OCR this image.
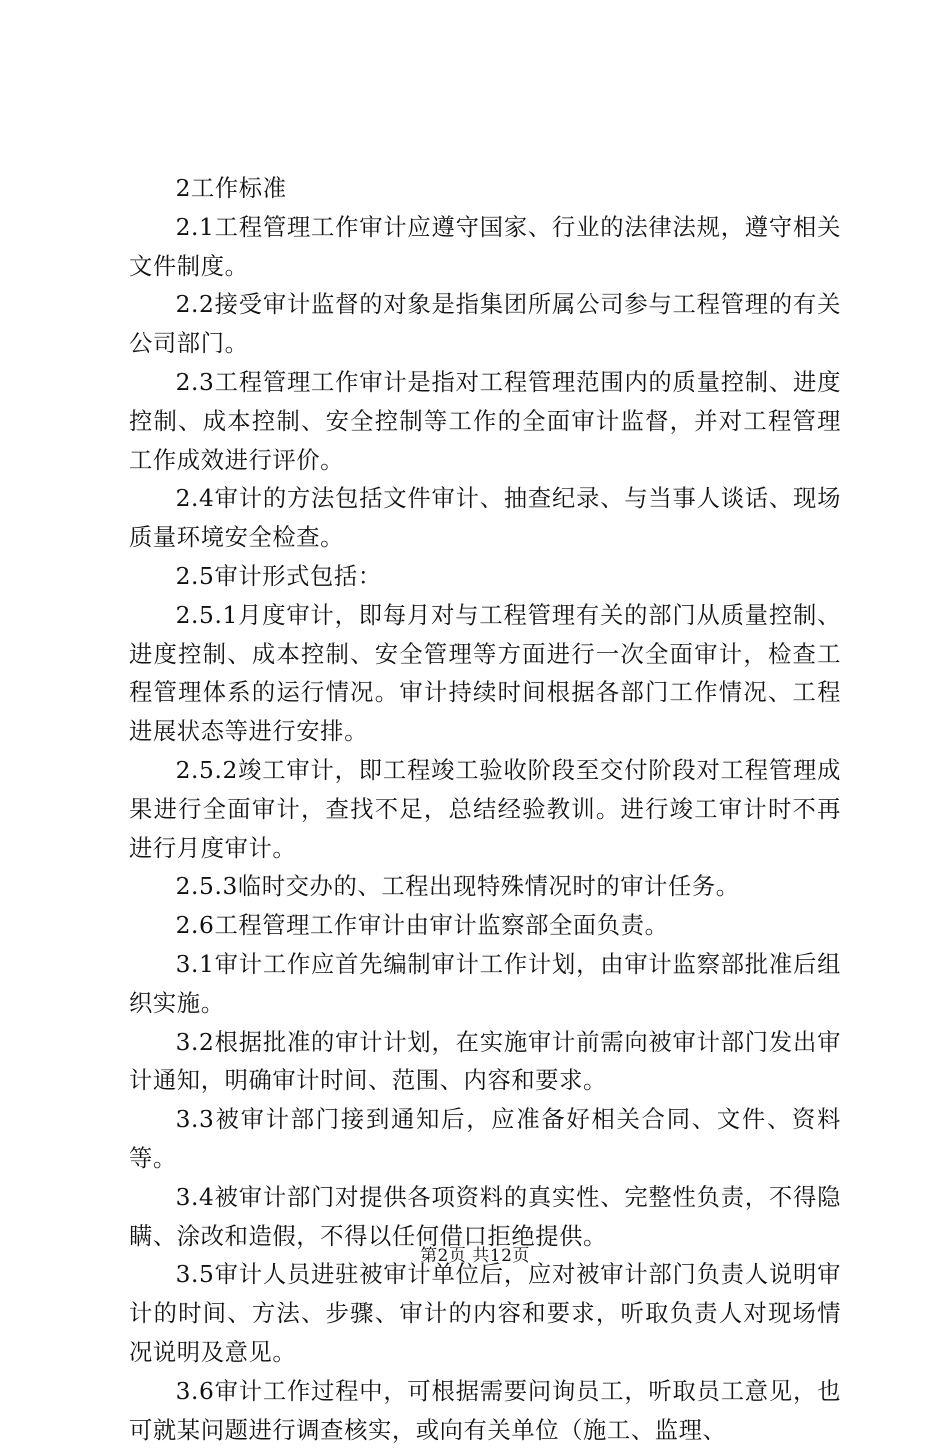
2工作标准

2.1工程管理工作审计应遵守国家、行业的法律法规，遵守相关文件制度。

2.2接受审计监督的对象是指集团所属公司参与工程管理的有关公司部门。

2.3工程管理工作审计是指对工程管理范围内的质量控制、进度控制、成本控制、安全控制等工作的全面审计监督，并对工程管理工作成效进行评价。

2.4审计的方法包括文件审计、抽查纪录、与当事人谈话、现场质量环境安全检查。

2.5审计形式包括：

2.5.1月度审计，即每月对与工程管理有关的部门从质量控制、进度控制、成本控制、安全管理等方面进行一次全面审计，检查工程管理体系的运行情况。审计持续时间根据各部门工作情况、工程进展状态等进行安排。

2.5.2竣工审计，即工程竣工验收阶段至交付阶段对工程管理成果进行全面审计，查找不足，总结经验教训。进行竣工审计时不再进行月度审计。

2.5.3临时交办的、工程出现特殊情况时的审计任务。

2.6工程管理工作审计由审计监察部全面负责。

3.1审计工作应首先编制审计工作计划，由审计监察部批准后组织实施。

3.2根据批准的审计计划，在实施审计前需向被审计部门发出审计通知，明确审计时间、范围、内容和要求。

3.3被审计部门接到通知后，应准备好相关合同、文件、资料等。

3.4被审计部门对提供各项资料的真实性、完整性负责，不得隐瞒、涂改和造假，不得以任何借口拒绝提供。

3.5审计人员进驻被审计单位后，应对被审计部门负责人说明审计的时间、方法、步骤、审计的内容和要求，听取负责人对现场情况说明及意见。

3.6审计工作过程中，可根据需要问询员工，听取员工意见，也可就某问题进行调查核实，或向有关单位（施工、监理、

第2页 共12页
